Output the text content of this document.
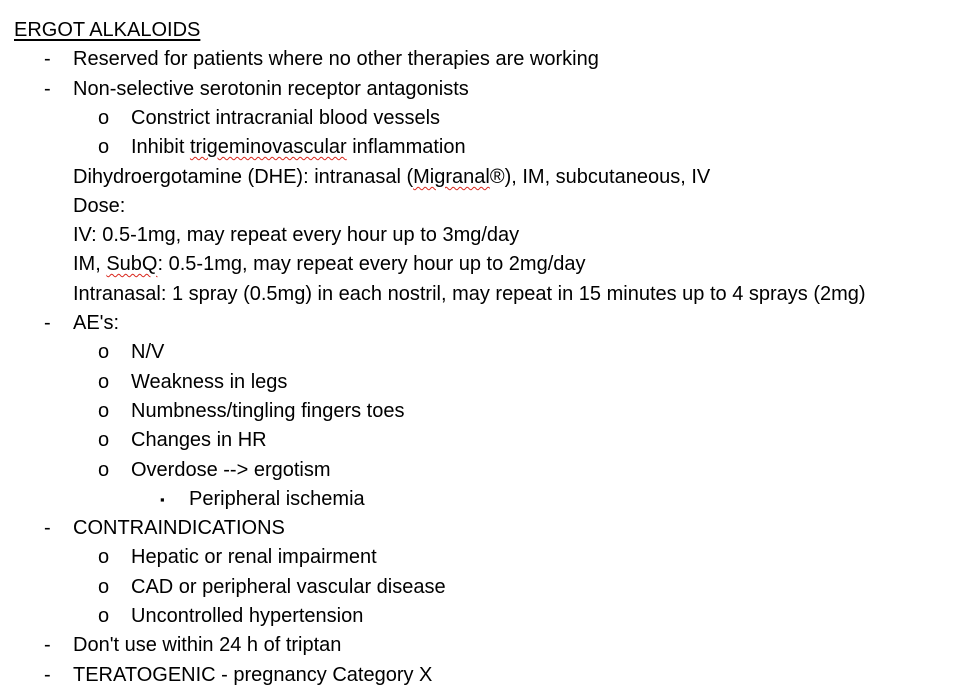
ERGOT ALKALOIDS
- Reserved for patients where no other therapies are working
- Non-selective serotonin receptor antagonists
o Constrict intracranial blood vessels
o Inhibit trigeminovascular inflammation
Dihydroergotamine (DHE): intranasal (Migranal®), IM, subcutaneous, IV
Dose:
IV: 0.5-1mg, may repeat every hour up to 3mg/day
IM, SubQ: 0.5-1mg, may repeat every hour up to 2mg/day
Intranasal: 1 spray (0.5mg) in each nostril, may repeat in 15 minutes up to 4 sprays (2mg)
- AE's:
o N/V
o Weakness in legs
o Numbness/tingling fingers toes
o Changes in HR
o Overdose --> ergotism
▪ Peripheral ischemia
- CONTRAINDICATIONS
o Hepatic or renal impairment
o CAD or peripheral vascular disease
o Uncontrolled hypertension
- Don't use within 24 h of triptan
- TERATOGENIC - pregnancy Category X
